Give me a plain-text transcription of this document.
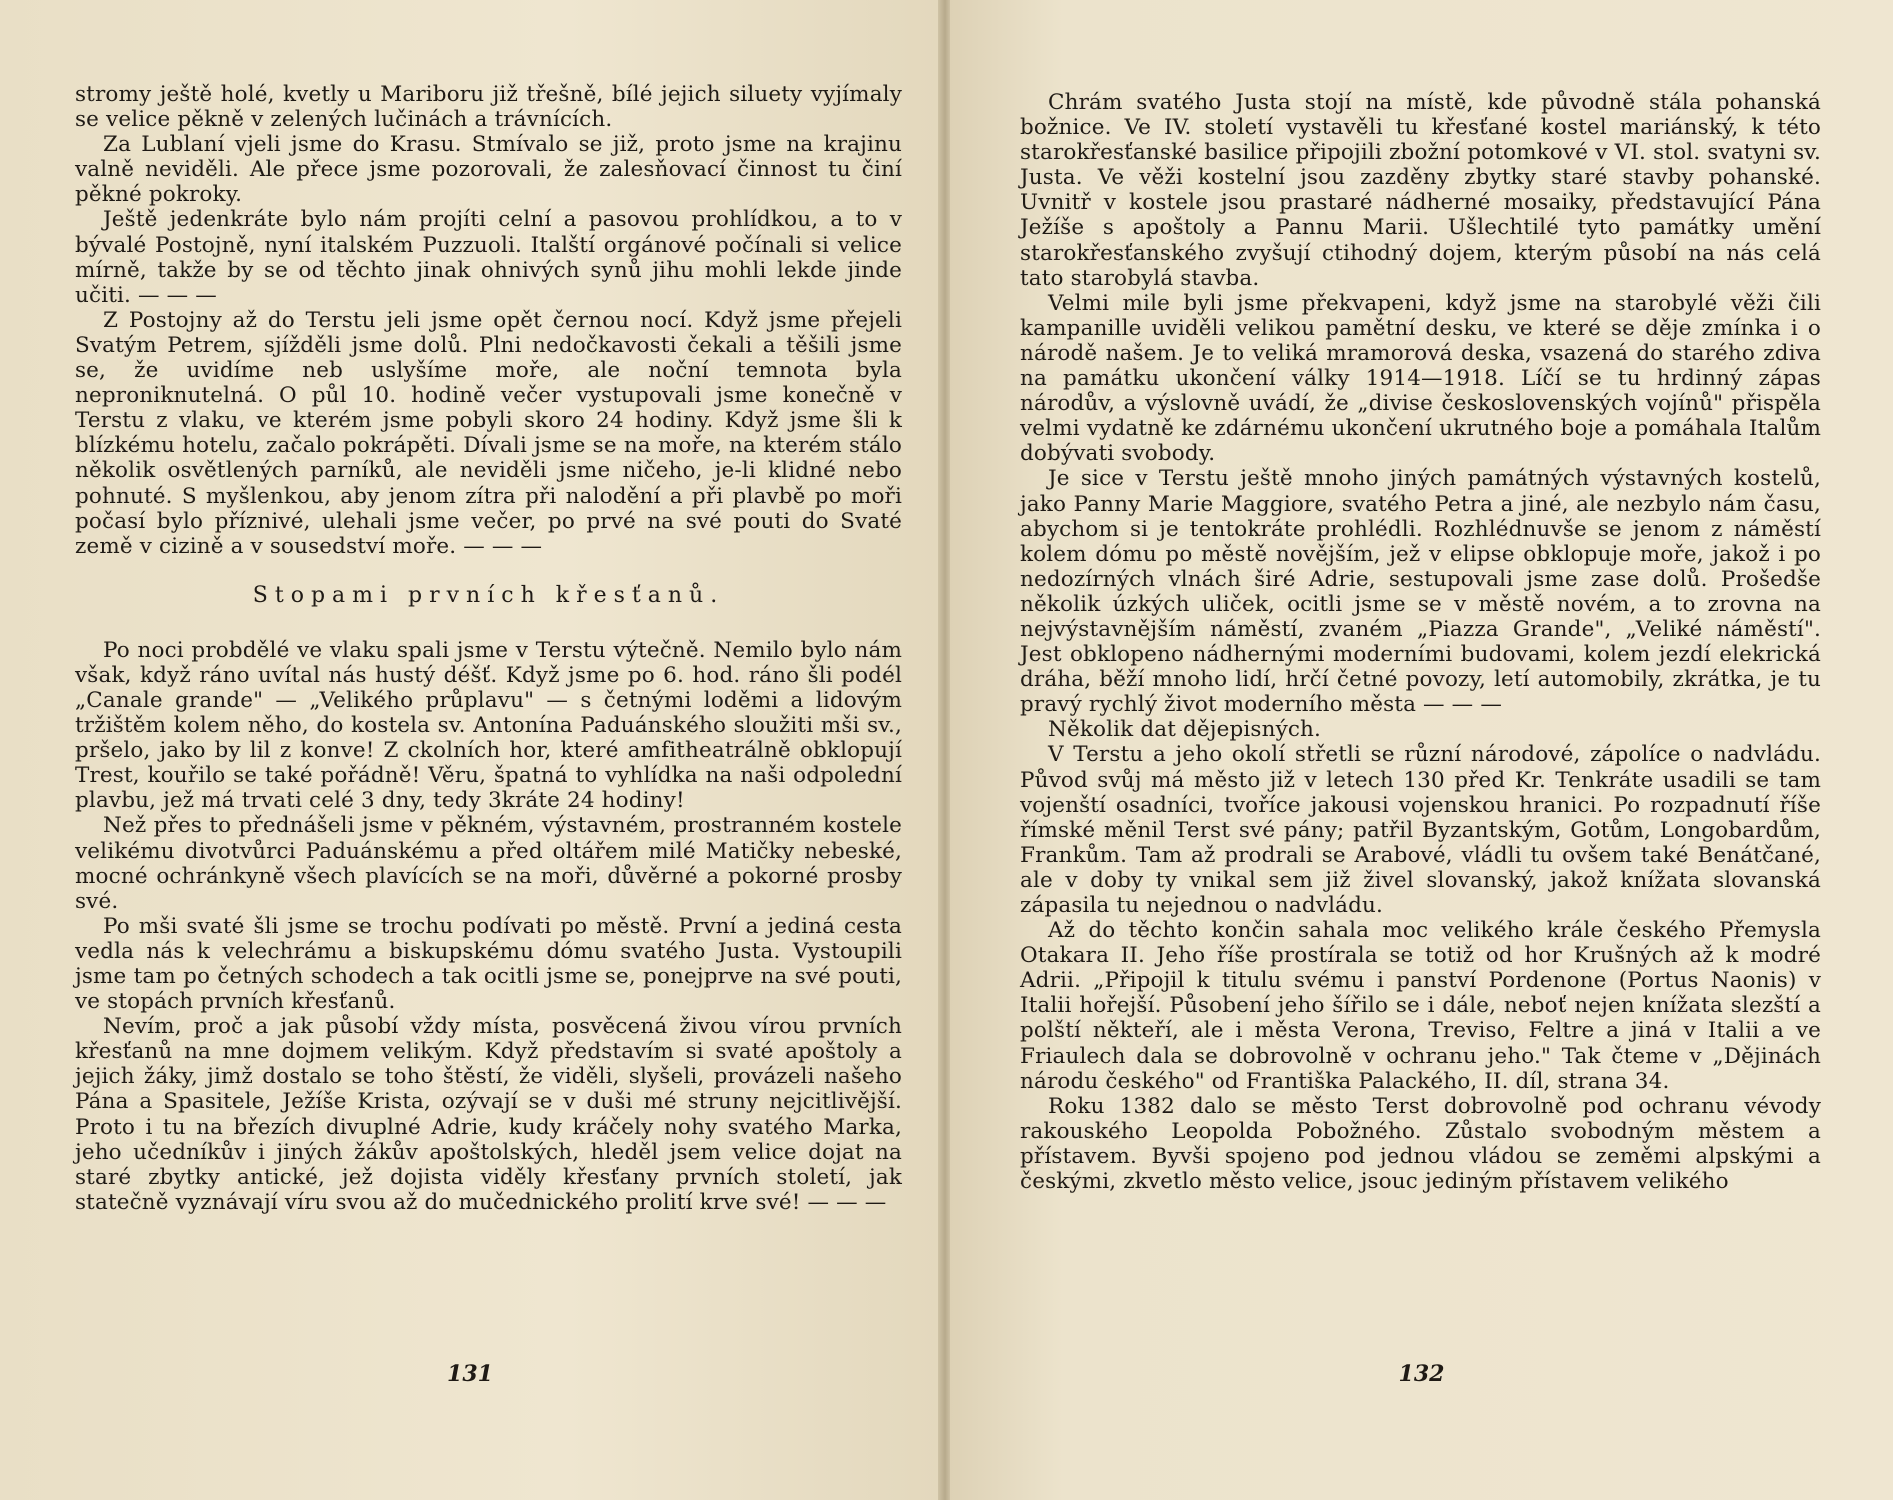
stromy ještě holé, kvetly u Mariboru již třešně, bílé jejich siluety vyjímaly se velice pěkně v zelených lučinách a trávnících.

Za Lublaní vjeli jsme do Krasu. Stmívalo se již, proto jsme na krajinu valně neviděli. Ale přece jsme pozorovali, že zalesňovací činnost tu činí pěkné pokroky.

Ještě jedenkráte bylo nám projíti celní a pasovou prohlídkou, a to v bývalé Postojně, nyní italském Puzzuoli. Italští orgánové počínali si velice mírně, takže by se od těchto jinak ohnivých synů jihu mohli lekde jinde učiti. — — —

Z Postojny až do Terstu jeli jsme opět černou nocí. Když jsme přejeli Svatým Petrem, sjížděli jsme dolů. Plni nedočkavosti čekali a těšili jsme se, že uvidíme neb uslyšíme moře, ale noční temnota byla neproniknutelná. O půl 10. hodině večer vystupovali jsme konečně v Terstu z vlaku, ve kterém jsme pobyli skoro 24 hodiny. Když jsme šli k blízkému hotelu, začalo pokrápěti. Dívali jsme se na moře, na kterém stálo několik osvětlených parníků, ale neviděli jsme ničeho, je-li klidné nebo pohnuté. S myšlenkou, aby jenom zítra při nalodění a při plavbě po moři počasí bylo příznivé, ulehali jsme večer, po prvé na své pouti do Svaté země v cizině a v sousedství moře. — — —

Stopami prvních křesťanů.

Po noci probdělé ve vlaku spali jsme v Terstu výtečně. Nemilo bylo nám však, když ráno uvítal nás hustý déšť. Když jsme po 6. hod. ráno šli podél „Canale grande" — „Velikého průplavu" — s četnými loděmi a lidovým tržištěm kolem něho, do kostela sv. Antonína Paduánského sloužiti mši sv., pršelo, jako by lil z konve! Z ckolních hor, které amfitheatrálně obklopují Trest, kouřilo se také pořádně! Věru, špatná to vyhlídka na naši odpolední plavbu, jež má trvati celé 3 dny, tedy 3kráte 24 hodiny!

Než přes to přednášeli jsme v pěkném, výstavném, prostranném kostele velikému divotvůrci Paduánskému a před oltářem milé Matičky nebeské, mocné ochránkyně všech plavících se na moři, důvěrné a pokorné prosby své.

Po mši svaté šli jsme se trochu podívati po městě. První a jediná cesta vedla nás k velechrámu a biskupskému dómu svatého Justa. Vystoupili jsme tam po četných schodech a tak ocitli jsme se, ponejprve na své pouti, ve stopách prvních křesťanů.

Nevím, proč a jak působí vždy místa, posvěcená živou vírou prvních křesťanů na mne dojmem velikým. Když představím si svaté apoštoly a jejich žáky, jimž dostalo se toho štěstí, že viděli, slyšeli, provázeli našeho Pána a Spasitele, Ježíše Krista, ozývají se v duši mé struny nejcitlivější. Proto i tu na březích divuplné Adrie, kudy kráčely nohy svatého Marka, jeho učedníkův i jiných žákův apoštolských, hleděl jsem velice dojat na staré zbytky antické, jež dojista viděly křesťany prvních století, jak statečně vyznávají víru svou až do mučednického prolití krve své! — — —

131

Chrám svatého Justa stojí na místě, kde původně stála pohanská božnice. Ve IV. století vystavěli tu křesťané kostel mariánský, k této starokřesťanské basilice připojili zbožní potomkové v VI. stol. svatyni sv. Justa. Ve věži kostelní jsou zazděny zbytky staré stavby pohanské. Uvnitř v kostele jsou prastaré nádherné mosaiky, představující Pána Ježíše s apoštoly a Pannu Marii. Ušlechtilé tyto památky umění starokřesťanského zvyšují ctihodný dojem, kterým působí na nás celá tato starobylá stavba.

Velmi mile byli jsme překvapeni, když jsme na starobylé věži čili kampanille uviděli velikou pamětní desku, ve které se děje zmínka i o národě našem. Je to veliká mramorová deska, vsazená do starého zdiva na památku ukončení války 1914—1918. Líčí se tu hrdinný zápas národův, a výslovně uvádí, že „divise československých vojínů" přispěla velmi vydatně ke zdárnému ukončení ukrutného boje a pomáhala Italům dobývati svobody.

Je sice v Terstu ještě mnoho jiných památných výstavných kostelů, jako Panny Marie Maggiore, svatého Petra a jiné, ale nezbylo nám času, abychom si je tentokráte prohlédli. Rozhlédnuvše se jenom z náměstí kolem dómu po městě novějším, jež v elipse obklopuje moře, jakož i po nedozírných vlnách širé Adrie, sestupovali jsme zase dolů. Prošedše několik úzkých uliček, ocitli jsme se v městě novém, a to zrovna na nejvýstavnějším náměstí, zvaném „Piazza Grande", „Veliké náměstí". Jest obklopeno nádhernými moderními budovami, kolem jezdí elekrická dráha, běží mnoho lidí, hrčí četné povozy, letí automobily, zkrátka, je tu pravý rychlý život moderního města — — —

Několik dat dějepisných.

V Terstu a jeho okolí střetli se různí národové, zápolíce o nadvládu. Původ svůj má město již v letech 130 před Kr. Tenkráte usadili se tam vojenští osadníci, tvoříce jakousi vojenskou hranici. Po rozpadnutí říše římské měnil Terst své pány; patřil Byzantským, Gotům, Longobardům, Frankům. Tam až prodrali se Arabové, vládli tu ovšem také Benátčané, ale v doby ty vnikal sem již živel slovanský, jakož knížata slovanská zápasila tu nejednou o nadvládu.

Až do těchto končin sahala moc velikého krále českého Přemysla Otakara II. Jeho říše prostírala se totiž od hor Krušných až k modré Adrii. „Připojil k titulu svému i panství Pordenone (Portus Naonis) v Italii hořejší. Působení jeho šířilo se i dále, neboť nejen knížata slezští a polští někteří, ale i města Verona, Treviso, Feltre a jiná v Italii a ve Friaulech dala se dobrovolně v ochranu jeho." Tak čteme v „Dějinách národu českého" od Františka Palackého, II. díl, strana 34.

Roku 1382 dalo se město Terst dobrovolně pod ochranu vévody rakouského Leopolda Pobožného. Zůstalo svobodným městem a přístavem. Byvši spojeno pod jednou vládou se zeměmi alpskými a českými, zkvetlo město velice, jsouc jediným přístavem velikého

132
